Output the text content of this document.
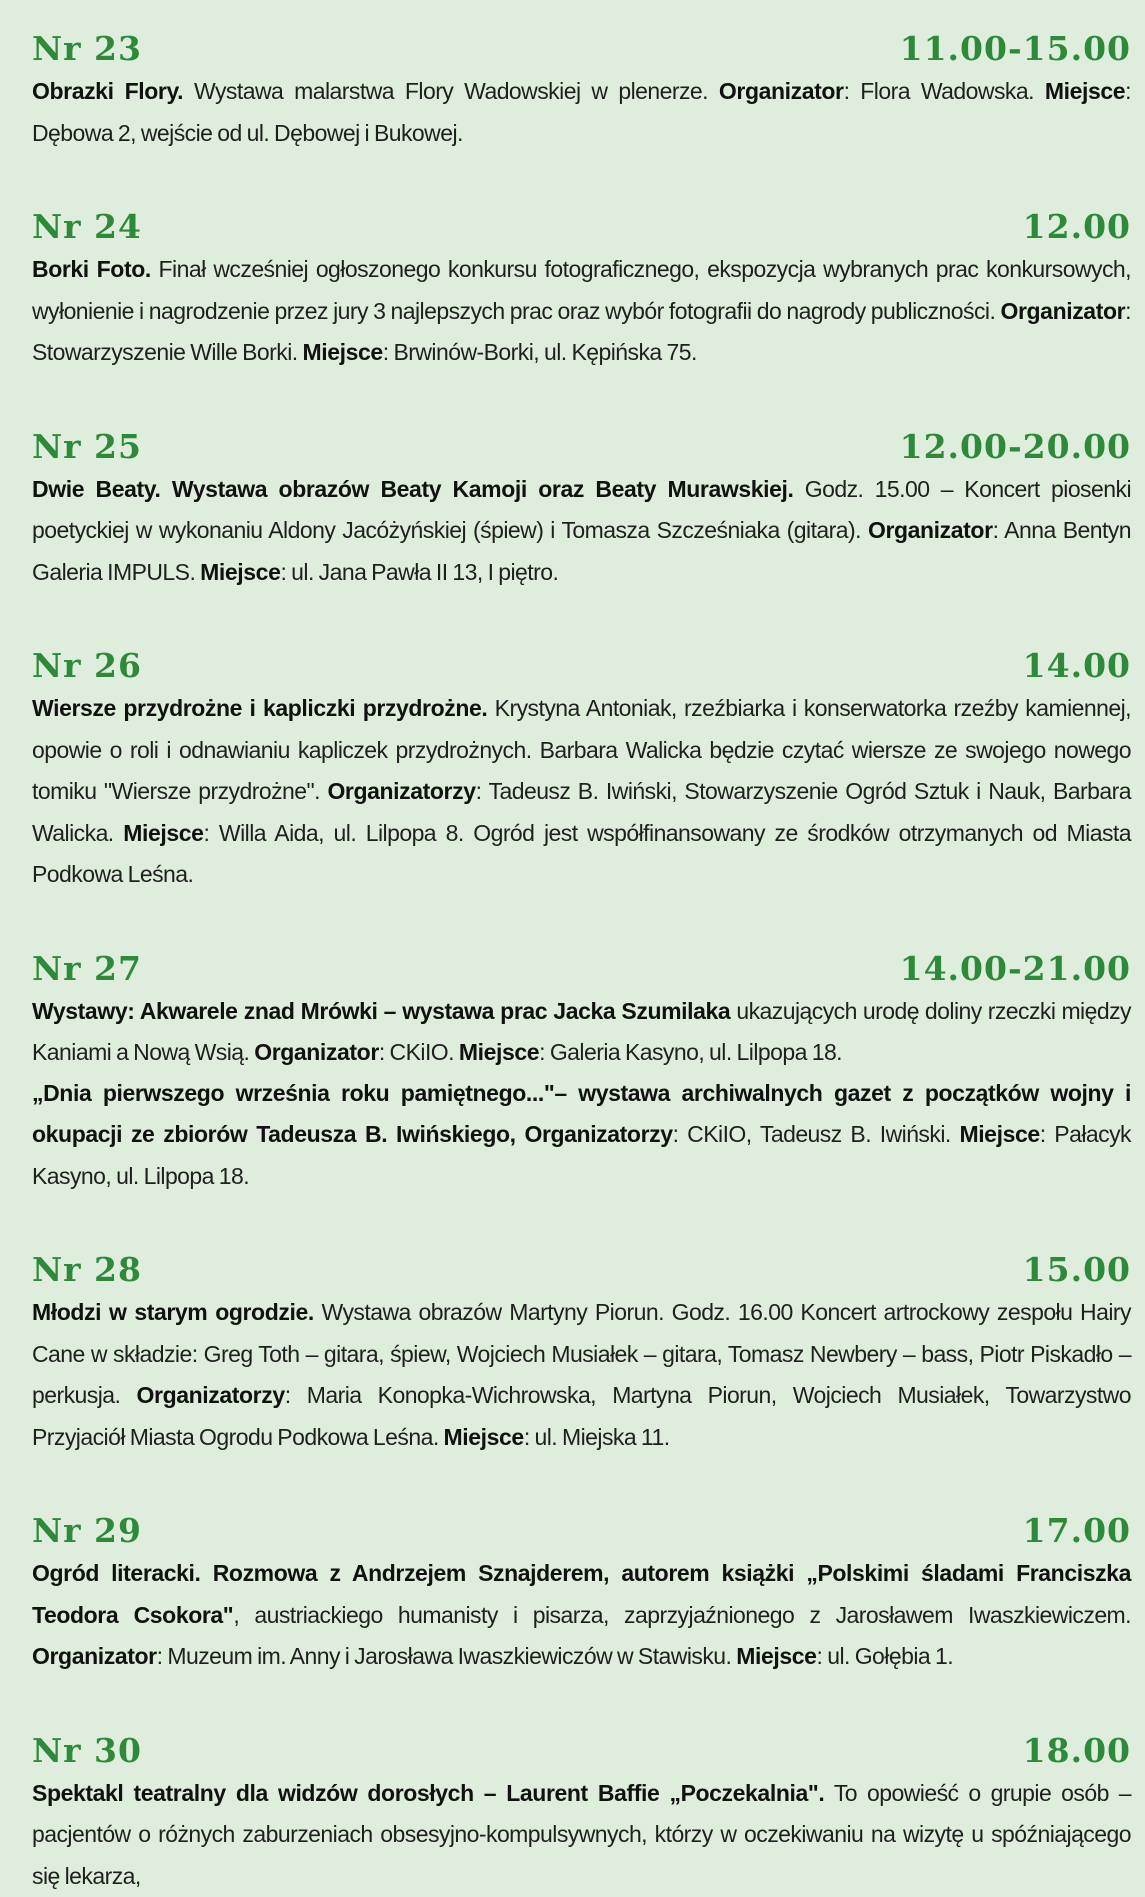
Nr 23	11.00-15.00
Obrazki Flory. Wystawa malarstwa Flory Wadowskiej w plenerze. Organizator: Flora Wadowska. Miejsce: Dębowa 2, wejście od ul. Dębowej i Bukowej.
Nr 24	12.00
Borki Foto. Finał wcześniej ogłoszonego konkursu fotograficznego, ekspozycja wybranych prac konkursowych, wyłonienie i nagrodzenie przez jury 3 najlepszych prac oraz wybór fotografii do nagrody publiczności. Organizator: Stowarzyszenie Wille Borki. Miejsce: Brwinów-Borki, ul. Kępińska 75.
Nr 25	12.00-20.00
Dwie Beaty. Wystawa obrazów Beaty Kamoji oraz Beaty Murawskiej. Godz. 15.00 – Koncert piosenki poetyckiej w wykonaniu Aldony Jacóżyńskiej (śpiew) i Tomasza Szcześniaka (gitara). Organizator: Anna Bentyn Galeria IMPULS. Miejsce: ul. Jana Pawła II 13, I piętro.
Nr 26	14.00
Wiersze przydrożne i kapliczki przydrożne. Krystyna Antoniak, rzeźbiarka i konserwatorka rzeźby kamiennej, opowie o roli i odnawianiu kapliczek przydrożnych. Barbara Walicka będzie czytać wiersze ze swojego nowego tomiku "Wiersze przydrożne". Organizatorzy: Tadeusz B. Iwiński, Stowarzyszenie Ogród Sztuk i Nauk, Barbara Walicka. Miejsce: Willa Aida, ul. Lilpopa 8. Ogród jest współfinansowany ze środków otrzymanych od Miasta Podkowa Leśna.
Nr 27	14.00-21.00
Wystawy: Akwarele znad Mrówki – wystawa prac Jacka Szumilaka ukazujących urodę doliny rzeczki między Kaniami a Nową Wsią. Organizator: CKiIO. Miejsce: Galeria Kasyno, ul. Lilpopa 18.
„Dnia pierwszego września roku pamiętnego..."– wystawa archiwalnych gazet z początków wojny i okupacji ze zbiorów Tadeusza B. Iwińskiego, Organizatorzy: CKiIO, Tadeusz B. Iwiński. Miejsce: Pałacyk Kasyno, ul. Lilpopa 18.
Nr 28	15.00
Młodzi w starym ogrodzie. Wystawa obrazów Martyny Piorun. Godz. 16.00 Koncert artrockowy zespołu Hairy Cane w składzie: Greg Toth – gitara, śpiew, Wojciech Musiałek – gitara, Tomasz Newbery – bass, Piotr Piskadło – perkusja. Organizatorzy: Maria Konopka-Wichrowska, Martyna Piorun, Wojciech Musiałek, Towarzystwo Przyjaciół Miasta Ogrodu Podkowa Leśna. Miejsce: ul. Miejska 11.
Nr 29	17.00
Ogród literacki. Rozmowa z Andrzejem Sznajderem, autorem książki „Polskimi śladami Franciszka Teodora Csokora", austriackiego humanisty i pisarza, zaprzyjaźnionego z Jarosławem Iwaszkiewiczem. Organizator: Muzeum im. Anny i Jarosława Iwaszkiewiczów w Stawisku. Miejsce: ul. Gołębia 1.
Nr 30	18.00
Spektakl teatralny dla widzów dorosłych – Laurent Baffie „Poczekalnia". To opowieść o grupie osób – pacjentów o różnych zaburzeniach obsesyjno-kompulsywnych, którzy w oczekiwaniu na wizytę u spóźniającego się lekarza,
